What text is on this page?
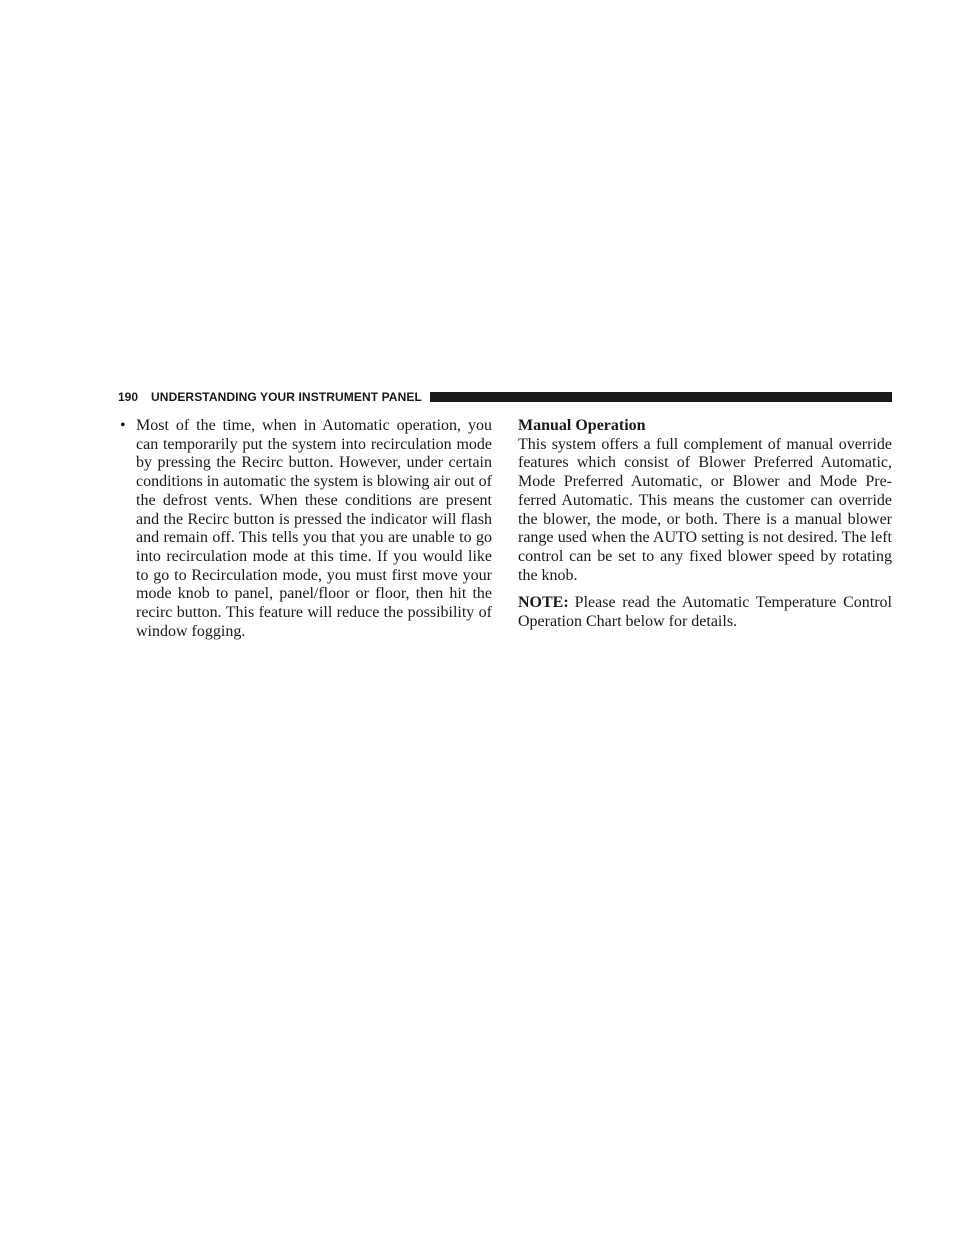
190 UNDERSTANDING YOUR INSTRUMENT PANEL
• Most of the time, when in Automatic operation, you can temporarily put the system into recirculation mode by pressing the Recirc button. However, under certain conditions in automatic the system is blowing air out of the defrost vents. When these conditions are present and the Recirc button is pressed the indicator will flash and remain off. This tells you that you are unable to go into recirculation mode at this time. If you would like to go to Recirculation mode, you must first move your mode knob to panel, panel/floor or floor, then hit the recirc button. This feature will reduce the possibility of window fogging.

Manual Operation

This system offers a full complement of manual override features which consist of Blower Preferred Automatic, Mode Preferred Automatic, or Blower and Mode Pre-ferred Automatic. This means the customer can override the blower, the mode, or both. There is a manual blower range used when the AUTO setting is not desired. The left control can be set to any fixed blower speed by rotating the knob.

NOTE: Please read the Automatic Temperature Control Operation Chart below for details.
